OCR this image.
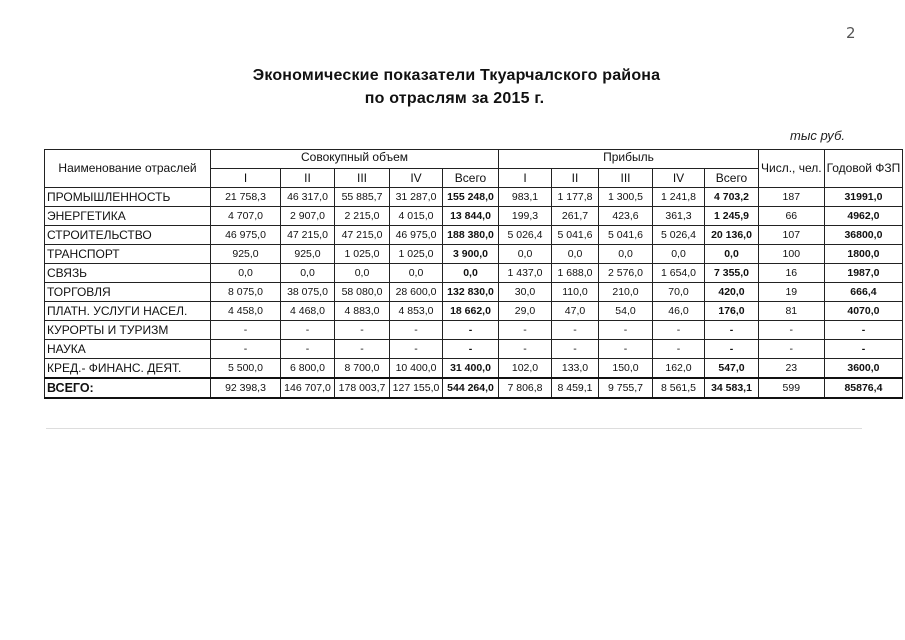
2
Экономические показатели Ткуарчалского района
по отраслям за 2015 г.
тыс руб.
Наименование отраслей	Совокупный объем					Прибыль					Числ., чел.	Годовой ФЗП
	I	II	III	IV	Всего	I	II	III	IV	Всего		
ПРОМЫШЛЕННОСТЬ	21 758,3	46 317,0	55 885,7	31 287,0	155 248,0	983,1	1 177,8	1 300,5	1 241,8	4 703,2	187	31991,0
ЭНЕРГЕТИКА	4 707,0	2 907,0	2 215,0	4 015,0	13 844,0	199,3	261,7	423,6	361,3	1 245,9	66	4962,0
СТРОИТЕЛЬСТВО	46 975,0	47 215,0	47 215,0	46 975,0	188 380,0	5 026,4	5 041,6	5 041,6	5 026,4	20 136,0	107	36800,0
ТРАНСПОРТ	925,0	925,0	1 025,0	1 025,0	3 900,0	0,0	0,0	0,0	0,0	0,0	100	1800,0
СВЯЗЬ	0,0	0,0	0,0	0,0	0,0	1 437,0	1 688,0	2 576,0	1 654,0	7 355,0	16	1987,0
ТОРГОВЛЯ	8 075,0	38 075,0	58 080,0	28 600,0	132 830,0	30,0	110,0	210,0	70,0	420,0	19	666,4
ПЛАТН. УСЛУГИ НАСЕЛ.	4 458,0	4 468,0	4 883,0	4 853,0	18 662,0	29,0	47,0	54,0	46,0	176,0	81	4070,0
КУРОРТЫ И ТУРИЗМ	-	-	-	-	-	-	-	-	-	-	-	-
НАУКА	-	-	-	-	-	-	-	-	-	-	-	-
КРЕД.- ФИНАНС. ДЕЯТ.	5 500,0	6 800,0	8 700,0	10 400,0	31 400,0	102,0	133,0	150,0	162,0	547,0	23	3600,0
ВСЕГО:	92 398,3	146 707,0	178 003,7	127 155,0	544 264,0	7 806,8	8 459,1	9 755,7	8 561,5	34 583,1	599	85876,4
